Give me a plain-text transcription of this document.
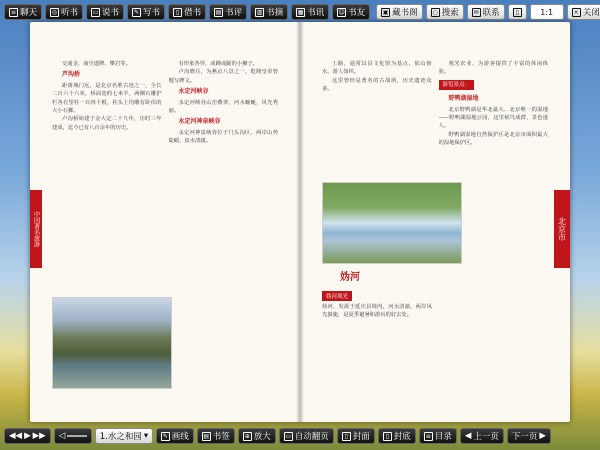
≡ 聊天	◎ 听书 ▭ 说书	✎ 写书	▯ 借书 ▤ 书评 ▥ 书摘 ▦ 书讯 ☺ 书友	▣ 藏书阁	○ 搜索	✉ 联系	▯	1:1	× 关闭

交通金、商空道牌、攀岩等。

芦沟桥

距离城门远，是北京名胜古迹之一，全长二百六十六米，桥面宽约七米半，两侧石雕护栏各有望柱一百四十根，柱头上均雕有卧伏的大小石狮。

卢沟桥始建于金大定二十九年，历时三年建成，迄今已有八百余年的历史。

有形象各异、或蹲或踞的小狮子。

卢沟晓月，为燕京八景之一，乾隆皇帝曾题写碑文。

永定河峡谷

永定河峡谷山峦叠翠，河水蜿蜒，风光秀丽。

永定河神泉峡谷

永定河神泉峡谷位于门头沟区，两岸山势陡峭，泉水清澈。

土路，通常以县文化馆为基点，依山傍水，游人如织。

这里曾经是著名的古战场，历史遗迹众多。

观光农业，为游客提供了丰富的休闲体验。

游览景点：
野鸭湖湿地

北京野鸭湖是华北最大、北京唯一的湿地——野鸭湖湿地公园，这里候鸟成群，景色迷人。

野鸭湖湿地自然保护区是北京市面积最大的湿地保护区。

妫河
妫河观光
妫河，发源于延庆县境内，河水清澈，两岸风光旖旎，是夏季避暑和游玩的好去处。
中国著名旅游	北京市
◀◀ ▶ ▶▶ ◁	1.水之和园 ▾	✎ 画线 ▤ 书签	⊕ 放大 ▭ 自动翻页	▯ 封面	▯ 封底	≡ 目录 ◀ 上一页 下一页 ▶
